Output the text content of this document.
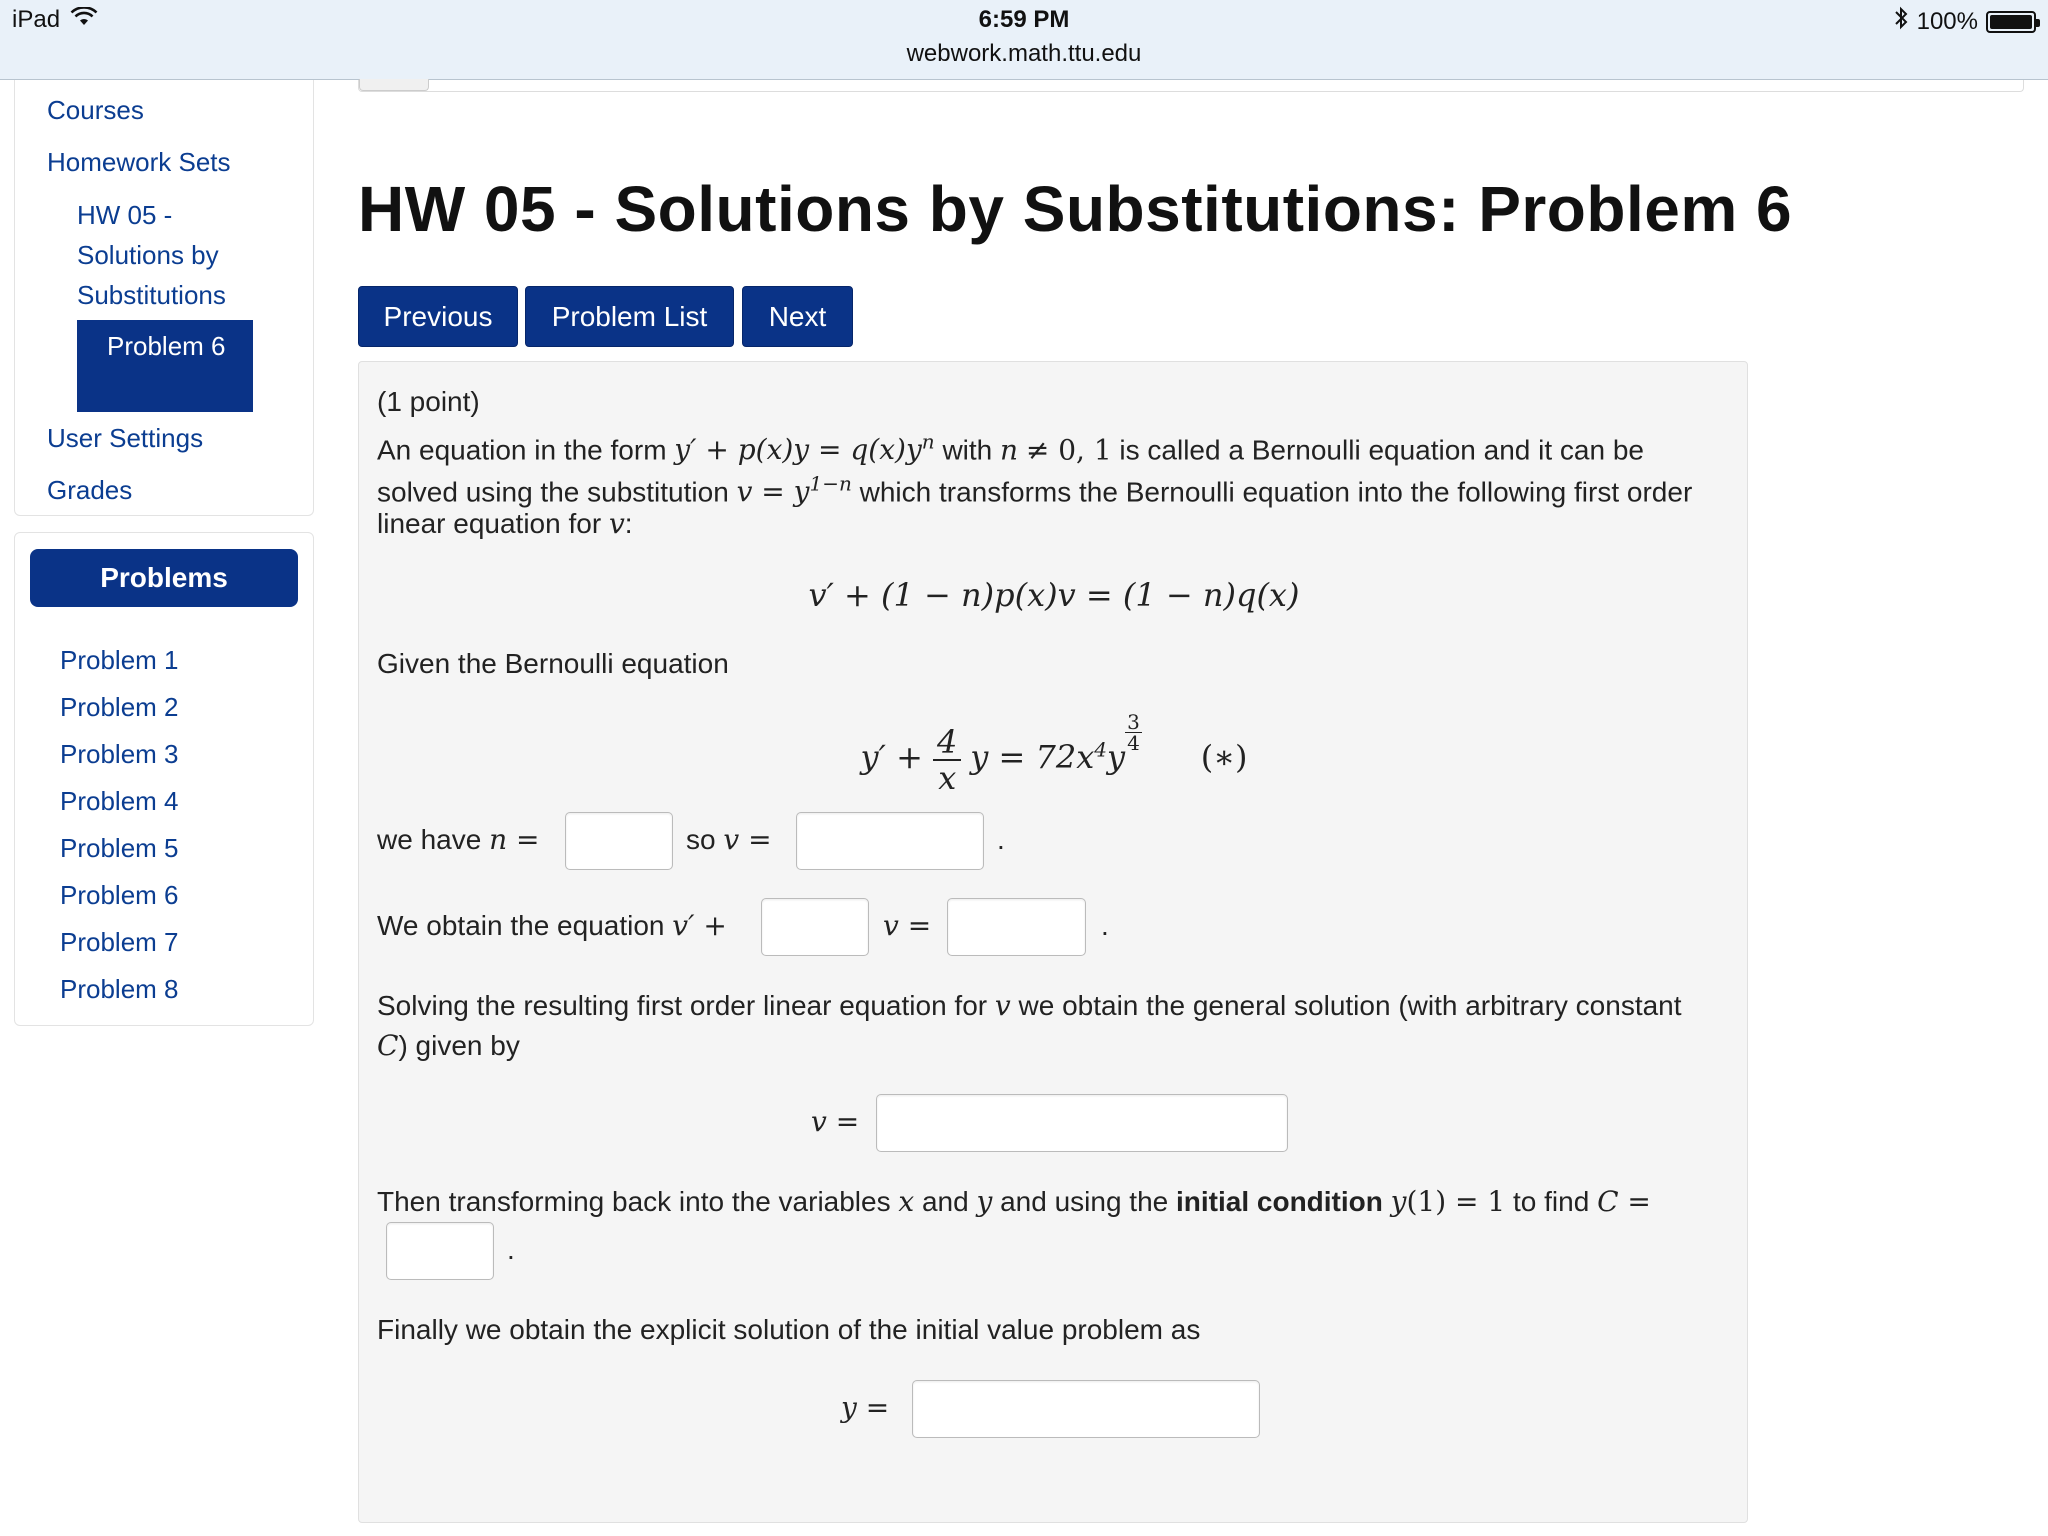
iPad	6:59 PM
webwork.math.ttu.edu
100%
Courses
Homework Sets
HW 05 - Solutions by Substitutions
Problem 6
User Settings
Grades
Problems
Problem 1
Problem 2
Problem 3
Problem 4
Problem 5
Problem 6
Problem 7
Problem 8
HW 05 - Solutions by Substitutions: Problem 6
Previous	Problem List	Next

(1 point)

An equation in the form $y' + p(x)y = q(x)y^n$ with n ≠ 0, 1 is called a Bernoulli equation and it can be

solved using the substitution $v = y^{1-n}$ which transforms the Bernoulli equation into the following first order

linear equation for v:

v′ + (1 − n)p(x)v = (1 − n)q(x)

Given the Bernoulli equation

$y' + \frac{4}{x}$ $y = 72x^4y$
$\frac{3}{4}$
(∗)

we have n =	so v =	.

We obtain the equation v′ +	v =	.

Solving the resulting first order linear equation for v we obtain the general solution (with arbitrary constant

C) given by

v =

Then transforming back into the variables x and y and using the initial condition y(1) = 1 to find C =

.

Finally we obtain the explicit solution of the initial value problem as

y =
